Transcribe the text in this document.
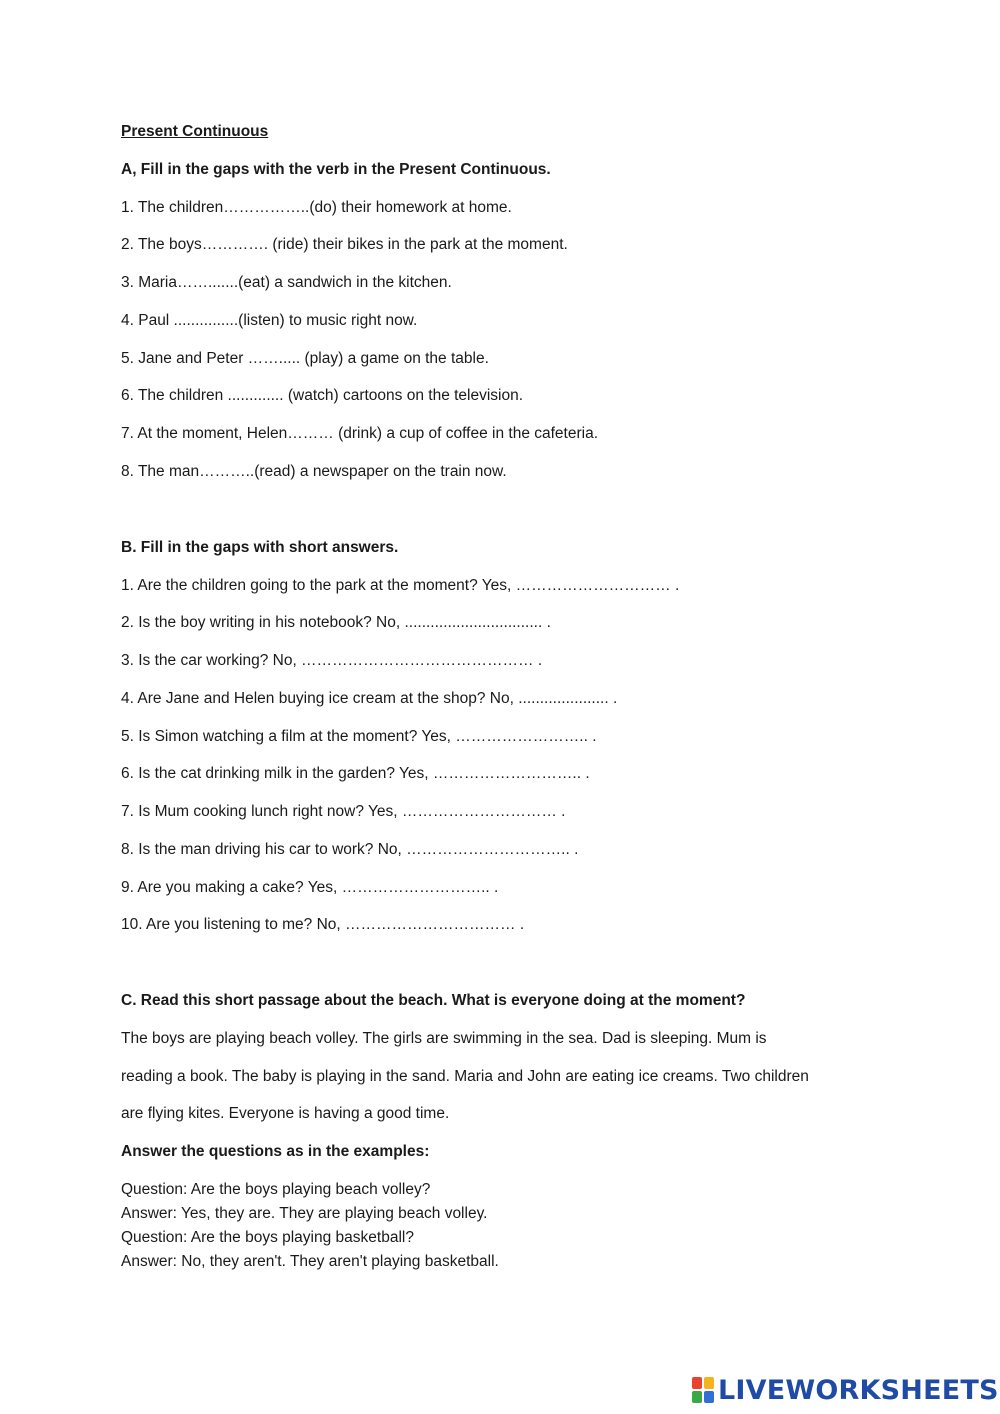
Present Continuous
A, Fill in the gaps with the verb in the Present Continuous.
1. The children……………..(do) their homework at home.
2. The boys…………. (ride) their bikes in the park at the moment.
3. Maria…….......(eat) a sandwich in the kitchen.
4. Paul ...............(listen) to music right now.
5. Jane and Peter ……..... (play) a game on the table.
6. The children ............. (watch) cartoons on the television.
7. At the moment, Helen……… (drink) a cup of coffee in the cafeteria.
8. The man………..(read) a newspaper on the train now.
B. Fill in the gaps with short answers.
1. Are the children going to the park at the moment? Yes, ………………………… .
2. Is the boy writing in his notebook? No, ................................ .
3. Is the car working? No, ……………………………………… .
4. Are Jane and Helen buying ice cream at the shop? No, ..................... .
5. Is Simon watching a film at the moment? Yes, …………………….. .
6. Is the cat drinking milk in the garden? Yes, ……………………….. .
7. Is Mum cooking lunch right now? Yes, ………………………… .
8. Is the man driving his car to work? No, ………………………….. .
9. Are you making a cake? Yes, ……………………….. .
10. Are you listening to me? No, …………………………… .
C. Read this short passage about the beach. What is everyone doing at the moment?
The boys are playing beach volley. The girls are swimming in the sea. Dad is sleeping. Mum is
reading a book. The baby is playing in the sand. Maria and John are eating ice creams. Two children
are flying kites. Everyone is having a good time.
Answer the questions as in the examples:
Question: Are the boys playing beach volley?
Answer: Yes, they are. They are playing beach volley.
Question: Are the boys playing basketball?
Answer: No, they aren't. They aren't playing basketball.
LIVEWORKSHEETS
